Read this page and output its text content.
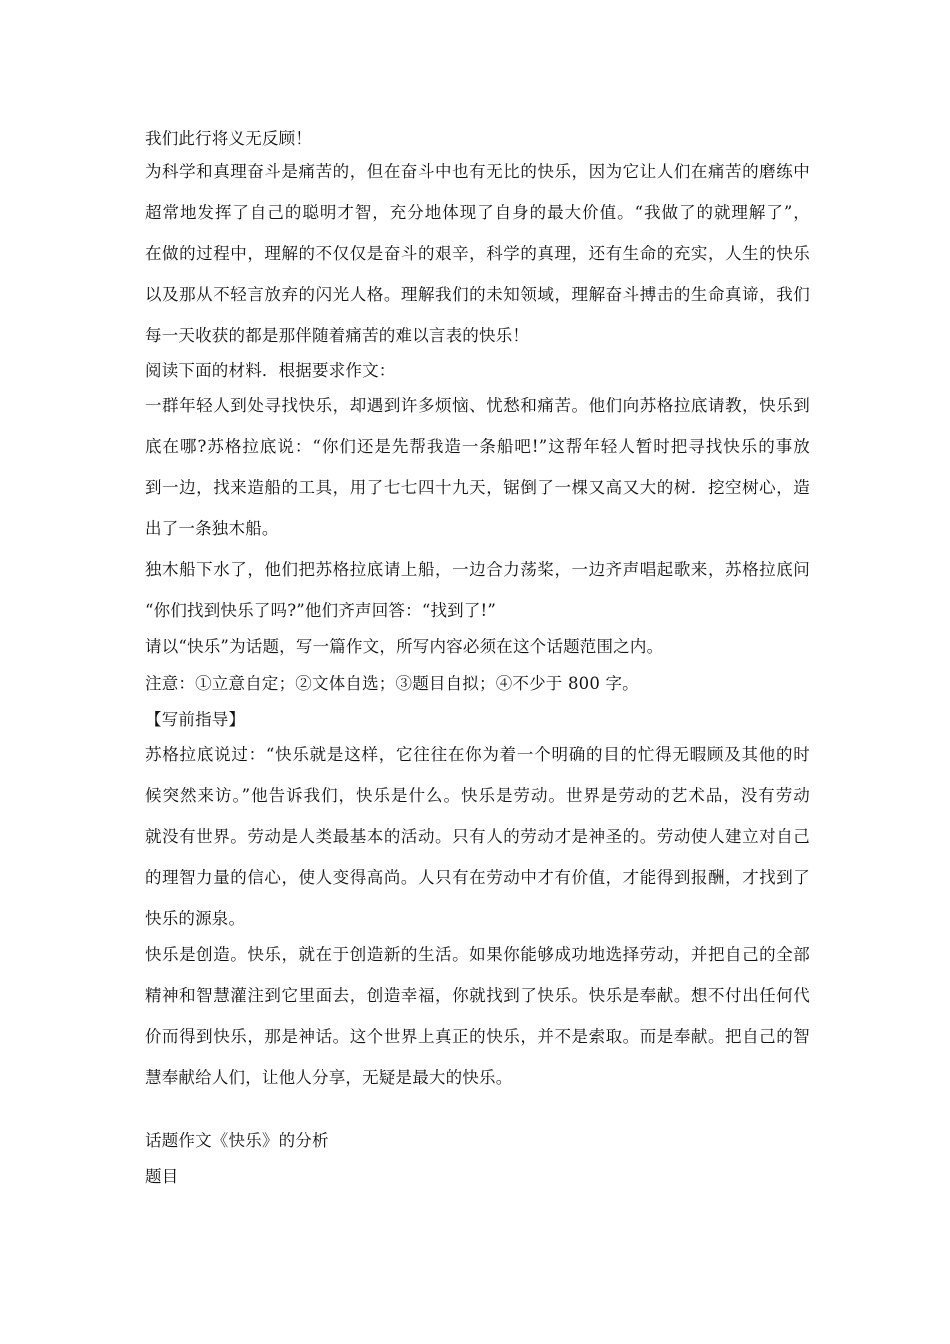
我们此行将义无反顾！
为科学和真理奋斗是痛苦的，但在奋斗中也有无比的快乐，因为它让人们在痛苦的磨练中
超常地发挥了自己的聪明才智，充分地体现了自身的最大价值。“我做了的就理解了”，
在做的过程中，理解的不仅仅是奋斗的艰辛，科学的真理，还有生命的充实，人生的快乐
以及那从不轻言放弃的闪光人格。理解我们的未知领域，理解奋斗搏击的生命真谛，我们
每一天收获的都是那伴随着痛苦的难以言表的快乐！
阅读下面的材料．根据要求作文：
一群年轻人到处寻找快乐，却遇到许多烦恼、忧愁和痛苦。他们向苏格拉底请教，快乐到
底在哪?苏格拉底说：“你们还是先帮我造一条船吧!”这帮年轻人暂时把寻找快乐的事放
到一边，找来造船的工具，用了七七四十九天，锯倒了一棵又高又大的树．挖空树心，造
出了一条独木船。
独木船下水了，他们把苏格拉底请上船，一边合力荡桨，一边齐声唱起歌来，苏格拉底问
“你们找到快乐了吗?”他们齐声回答：“找到了!”
请以“快乐”为话题，写一篇作文，所写内容必须在这个话题范围之内。
注意：①立意自定；②文体自选；③题目自拟；④不少于 800 字。
【写前指导】
苏格拉底说过：“快乐就是这样，它往往在你为着一个明确的目的忙得无暇顾及其他的时
候突然来访。”他告诉我们，快乐是什么。快乐是劳动。世界是劳动的艺术品，没有劳动
就没有世界。劳动是人类最基本的活动。只有人的劳动才是神圣的。劳动使人建立对自己
的理智力量的信心，使人变得高尚。人只有在劳动中才有价值，才能得到报酬，才找到了
快乐的源泉。
快乐是创造。快乐，就在于创造新的生活。如果你能够成功地选择劳动，并把自己的全部
精神和智慧灌注到它里面去，创造幸福，你就找到了快乐。快乐是奉献。想不付出任何代
价而得到快乐，那是神话。这个世界上真正的快乐，并不是索取。而是奉献。把自己的智
慧奉献给人们，让他人分享，无疑是最大的快乐。
话题作文《快乐》的分析
题目
